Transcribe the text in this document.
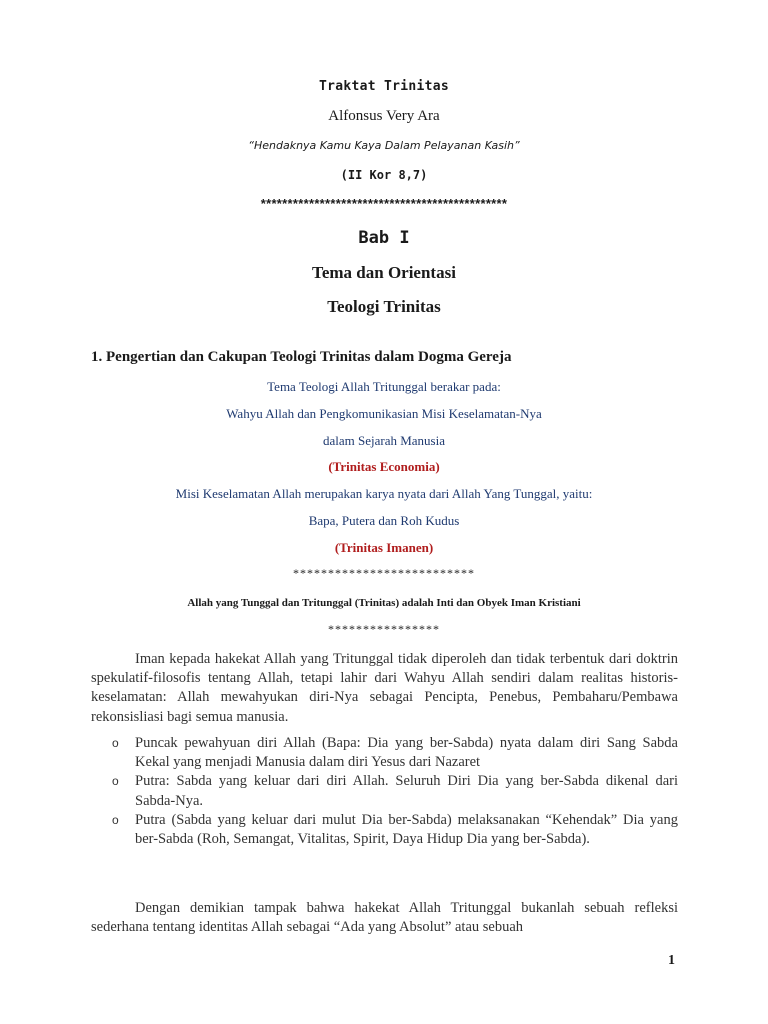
Traktat Trinitas
Alfonsus Very Ara
“Hendaknya Kamu Kaya Dalam Pelayanan Kasih”
(II Kor 8,7)
**********************************************
Bab I
Tema dan Orientasi
Teologi Trinitas
1. Pengertian dan Cakupan Teologi Trinitas dalam Dogma Gereja
Tema Teologi Allah Tritunggal berakar pada:
Wahyu Allah dan Pengkomunikasian Misi Keselamatan-Nya
dalam Sejarah Manusia
(Trinitas Economia)
Misi Keselamatan Allah merupakan karya nyata dari Allah Yang Tunggal, yaitu:
Bapa, Putera dan Roh Kudus
(Trinitas Imanen)
**************************
Allah yang Tunggal dan Tritunggal (Trinitas) adalah Inti dan Obyek Iman Kristiani
****************
Iman kepada hakekat Allah yang Tritunggal tidak diperoleh dan tidak terbentuk dari doktrin spekulatif-filosofis tentang Allah, tetapi lahir dari Wahyu Allah sendiri dalam realitas historis-keselamatan: Allah mewahyukan diri-Nya sebagai Pencipta, Penebus, Pembaharu/Pembawa rekonsisliasi bagi semua manusia.
o Puncak pewahyuan diri Allah (Bapa: Dia yang ber-Sabda) nyata dalam diri Sang Sabda Kekal yang menjadi Manusia dalam diri Yesus dari Nazaret
o Putra: Sabda yang keluar dari diri Allah. Seluruh Diri Dia yang ber-Sabda dikenal dari Sabda-Nya.
o Putra (Sabda yang keluar dari mulut Dia ber-Sabda) melaksanakan “Kehendak” Dia yang ber-Sabda (Roh, Semangat, Vitalitas, Spirit, Daya Hidup Dia yang ber-Sabda).
Dengan demikian tampak bahwa hakekat Allah Tritunggal bukanlah sebuah refleksi sederhana tentang identitas Allah sebagai “Ada yang Absolut” atau sebuah
1
